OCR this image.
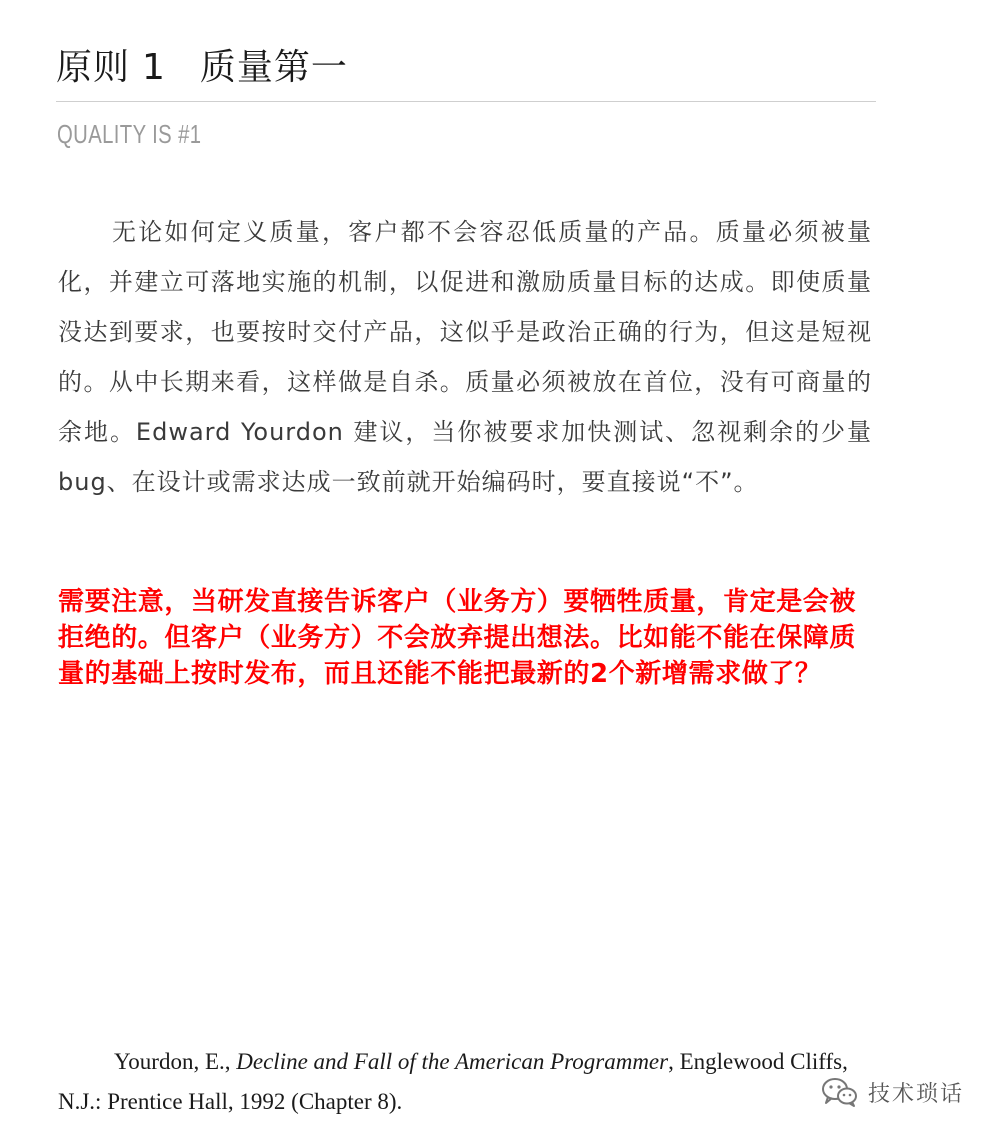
原则 1 质量第一
QUALITY IS #1

无论如何定义质量，客户都不会容忍低质量的产品。质量必须被量化，并建立可落地实施的机制，以促进和激励质量目标的达成。即使质量没达到要求，也要按时交付产品，这似乎是政治正确的行为，但这是短视的。从中长期来看，这样做是自杀。质量必须被放在首位，没有可商量的余地。Edward Yourdon 建议，当你被要求加快测试、忽视剩余的少量 bug、在设计或需求达成一致前就开始编码时，要直接说“不”。

需要注意，当研发直接告诉客户（业务方）要牺牲质量，肯定是会被拒绝的。但客户（业务方）不会放弃提出想法。比如能不能在保障质量的基础上按时发布，而且还能不能把最新的2个新增需求做了？

Yourdon, E., Decline and Fall of the American Programmer, Englewood Cliffs, N.J.: Prentice Hall, 1992 (Chapter 8).	技术琐话
